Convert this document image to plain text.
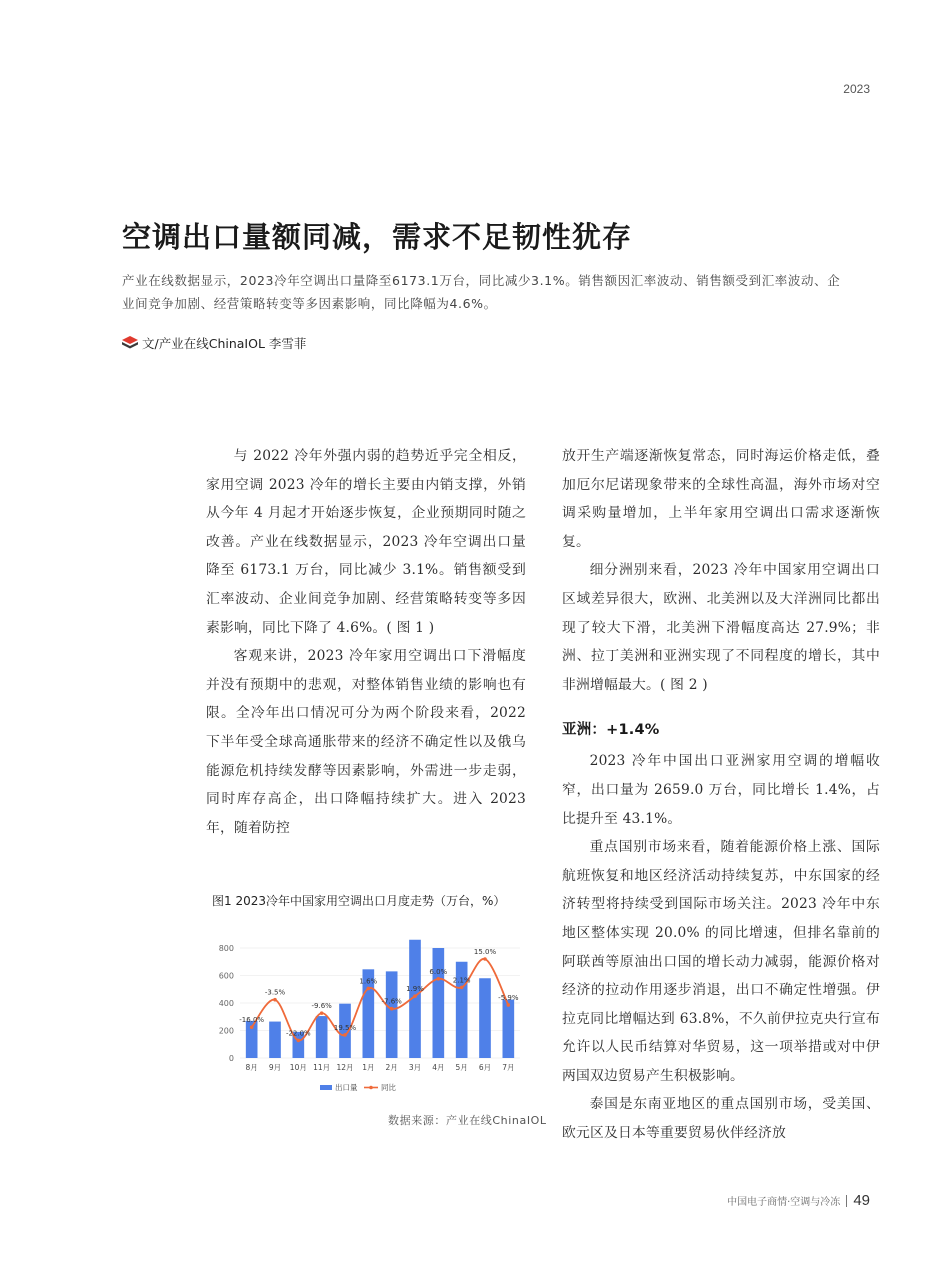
2023
空调出口量额同减，需求不足韧性犹存

产业在线数据显示，2023冷年空调出口量降至6173.1万台，同比减少3.1%。销售额因汇率波动、销售额受到汇率波动、企业间竞争加剧、经营策略转变等多因素影响，同比降幅为4.6%。

文/产业在线ChinaIOL 李雪菲

与 2022 冷年外强内弱的趋势近乎完全相反，家用空调 2023 冷年的增长主要由内销支撑，外销从今年 4 月起才开始逐步恢复，企业预期同时随之改善。产业在线数据显示，2023 冷年空调出口量降至 6173.1 万台，同比减少 3.1%。销售额受到汇率波动、企业间竞争加剧、经营策略转变等多因素影响，同比下降了 4.6%。( 图 1 )

客观来讲，2023 冷年家用空调出口下滑幅度并没有预期中的悲观，对整体销售业绩的影响也有限。全冷年出口情况可分为两个阶段来看，2022 下半年受全球高通胀带来的经济不确定性以及俄乌能源危机持续发酵等因素影响，外需进一步走弱，同时库存高企，出口降幅持续扩大。进入 2023 年，随着防控

放开生产端逐渐恢复常态，同时海运价格走低，叠加厄尔尼诺现象带来的全球性高温，海外市场对空调采购量增加，上半年家用空调出口需求逐渐恢复。

细分洲别来看，2023 冷年中国家用空调出口区域差异很大，欧洲、北美洲以及大洋洲同比都出现了较大下滑，北美洲下滑幅度高达 27.9%；非洲、拉丁美洲和亚洲实现了不同程度的增长，其中非洲增幅最大。( 图 2 )

亚洲：+1.4%

2023 冷年中国出口亚洲家用空调的增幅收窄，出口量为 2659.0 万台，同比增长 1.4%，占比提升至 43.1%。

重点国别市场来看，随着能源价格上涨、国际航班恢复和地区经济活动持续复苏，中东国家的经济转型将持续受到国际市场关注。2023 冷年中东地区整体实现 20.0% 的同比增速，但排名靠前的阿联酋等原油出口国的增长动力减弱，能源价格对经济的拉动作用逐步消退，出口不确定性增强。伊拉克同比增幅达到 63.8%，不久前伊拉克央行宣布允许以人民币结算对华贸易，这一项举措或对中伊两国双边贸易产生积极影响。

泰国是东南亚地区的重点国别市场，受美国、欧元区及日本等重要贸易伙伴经济放

图1 2023冷年中国家用空调出口月度走势（万台，%）
0
200
400
600
800
8月 9月 10月 11月 12月 1月 2月 3月 4月 5月 6月 7月
-16.0%
-3.5%
-22.0%
-9.6%
19.5%
1.6%
-7.6%
1.9%
6.0%
2.1%
15.0%
-5.9%
出口量	同比
数据来源：产业在线ChinaIOL
中国电子商情·空调与冷冻 49
